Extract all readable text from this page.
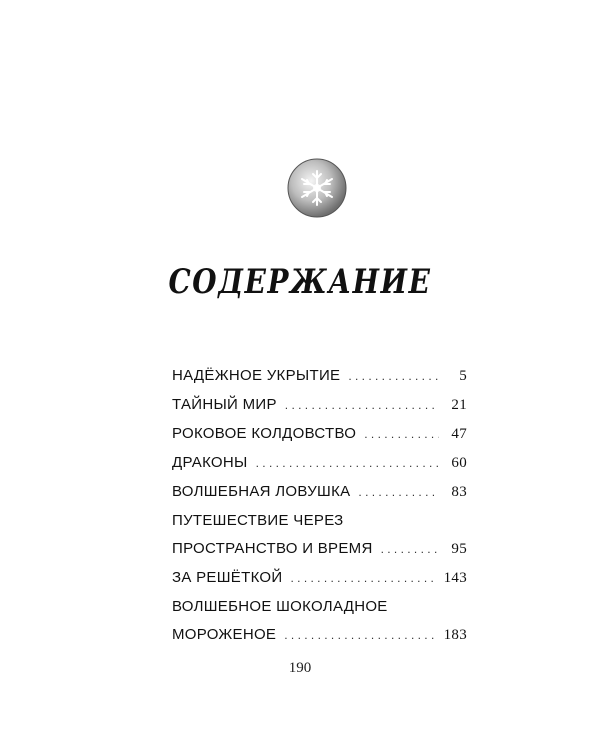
СОДЕРЖАНИЕ
НАДЁЖНОЕ УКРЫТИЕ . . .	5
ТАЙНЫЙ МИР . . .	21
РОКОВОЕ КОЛДОВСТВО . . .	47
ДРАКОНЫ . . .	60
ВОЛШЕБНАЯ ЛОВУШКА . . .	83
ПУТЕШЕСТВИЕ ЧЕРЕЗ
ПРОСТРАНСТВО И ВРЕМЯ . . .	95
ЗА РЕШЁТКОЙ . . .	143
ВОЛШЕБНОЕ ШОКОЛАДНОЕ
МОРОЖЕНОЕ . . .	183
190
